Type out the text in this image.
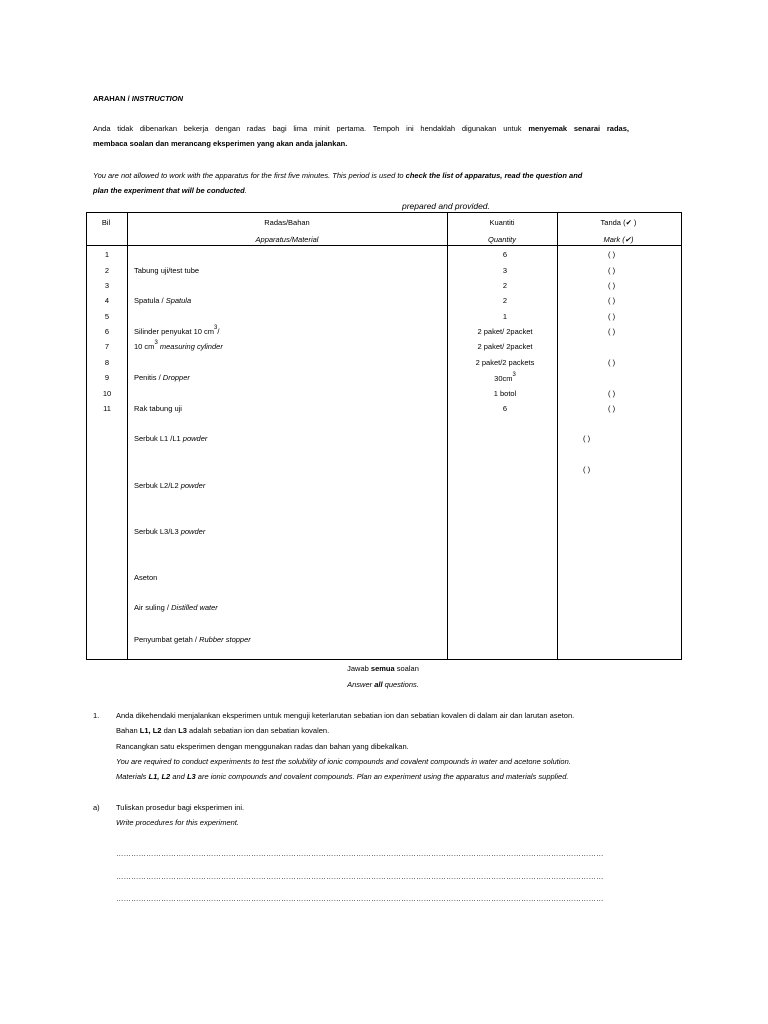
ARAHAN / INSTRUCTION
Anda tidak dibenarkan bekerja dengan radas bagi lima minit pertama. Tempoh ini hendaklah digunakan untuk menyemak senarai radas,
membaca soalan dan merancang eksperimen yang akan anda jalankan.
You are not allowed to work with the apparatus for the first five minutes. This period is used to check the list of apparatus, read the question and
plan the experiment that will be conducted.
prepared and provided.
Bil	Radas/Bahan
Apparatus/Material
Kuantiti
Quantity
Tanda (✔ )
Mark (✔)
1
2
3
4
5
6
7
8
9
10
11
Tabung uji/test tube
Spatula / Spatula
Silinder penyukat 10 $cm^3/$
10 $cm^3$ measuring cylinder
Penitis / Dropper
Rak tabung uji
Serbuk L1 /L1 powder
Serbuk L2/L2 powder
Serbuk L3/L3 powder
Aseton
Air suling / Distilled water
Penyumbat getah / Rubber stopper
6
3
2
2
1
2 paket/ 2packet
2 paket/ 2packet
2 paket/2 packets
$30cm^3$
1 botol
6
( )
( )
( )
( )
( )
( )
( )
( )
( )
( )
( )
Jawab semua soalan
Answer all questions.
1. Anda dikehendaki menjalankan eksperimen untuk menguji keterlarutan sebatian ion dan sebatian kovalen di dalam air dan larutan aseton.
Bahan L1, L2 dan L3 adalah sebatian ion dan sebatian kovalen.
Rancangkan satu eksperimen dengan menggunakan radas dan bahan yang dibekalkan.
You are required to conduct experiments to test the solubility of ionic compounds and covalent compounds in water and acetone solution.
Materials L1, L2 and L3 are ionic compounds and covalent compounds. Plan an experiment using the apparatus and materials supplied.
a) Tuliskan prosedur bagi eksperimen ini.
Write procedures for this experiment.
……………………………………………………………………………………………………………………………………………………………………………
……………………………………………………………………………………………………………………………………………………………………………
……………………………………………………………………………………………………………………………………………………………………………
